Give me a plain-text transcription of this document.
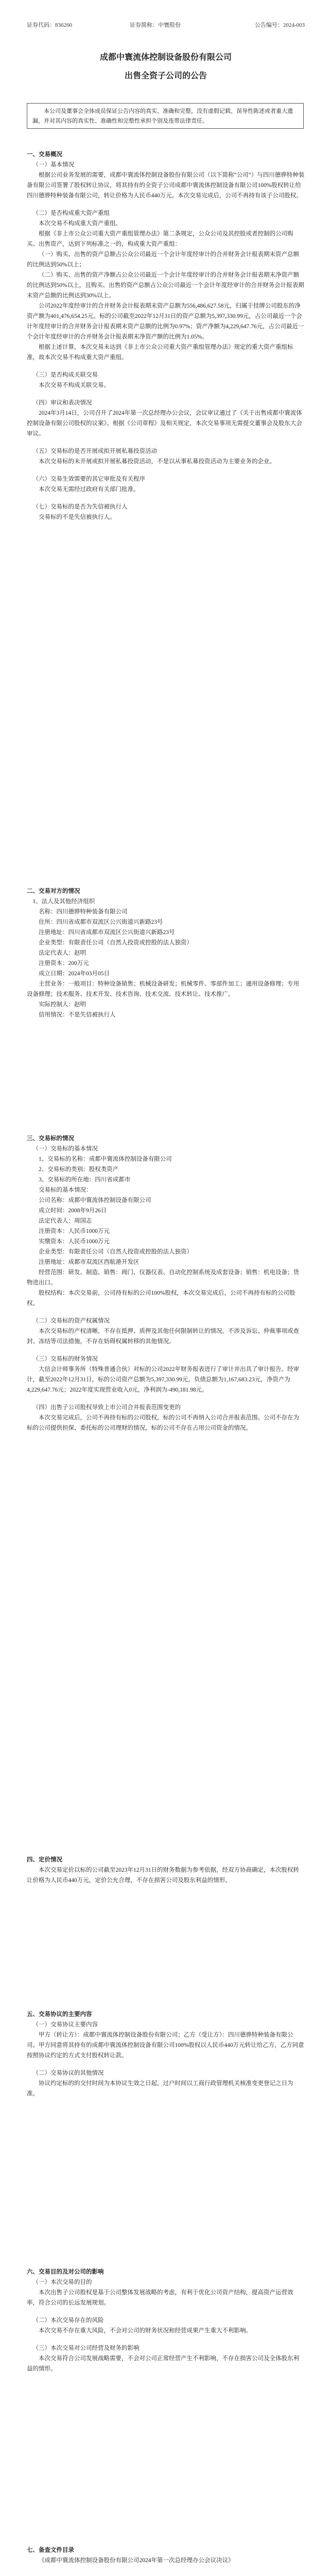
证券代码：836260	证券简称：中寰股份	公告编号：2024-003
成都中寰流体控制设备股份有限公司
出售全资子公司的公告
本公司及董事会全体成员保证公告内容的真实、准确和完整，没有虚假记载、误导性陈述或者重大遗漏，并对其内容的真实性、准确性和完整性承担个别及连带法律责任。

一、交易概况

（一）基本情况

根据公司业务发展的需要，成都中寰流体控制设备股份有限公司（以下简称“公司”）与四川德骅特种装备有限公司签署了股权转让协议，将其持有的全资子公司成都中寰流体控制设备有限公司100%股权转让给四川德骅特种装备有限公司，转让价格为人民币440万元。本次交易完成后，公司不再持有该子公司股权。

（二）是否构成重大资产重组

本次交易不构成重大资产重组。

根据《非上市公众公司重大资产重组管理办法》第二条规定，公众公司及其控股或者控制的公司购买、出售资产，达到下列标准之一的，构成重大资产重组：

（一）购买、出售的资产总额占公众公司最近一个会计年度经审计的合并财务会计报表期末资产总额的比例达到50%以上；

（二）购买、出售的资产净额占公众公司最近一个会计年度经审计的合并财务会计报表期末净资产额的比例达到50%以上，且购买、出售的资产总额占公众公司最近一个会计年度经审计的合并财务会计报表期末资产总额的比例达到30%以上。

公司2022年度经审计的合并财务会计报表期末资产总额为556,486,627.58元，归属于挂牌公司股东的净资产额为401,476,654.25元。标的公司截至2022年12月31日的资产总额为5,397,330.99元，占公司最近一个会计年度经审计的合并财务会计报表期末资产总额的比例为0.97%；资产净额为4,229,647.76元，占公司最近一个会计年度经审计的合并财务会计报表期末净资产额的比例为1.05%。

根据上述计算，本次交易未达到《非上市公众公司重大资产重组管理办法》规定的重大资产重组标准，故本次交易不构成重大资产重组。

（三）是否构成关联交易

本次交易不构成关联交易。

（四）审议和表决情况

2024年3月14日，公司召开了2024年第一次总经理办公会议，会议审议通过了《关于出售成都中寰流体控制设备有限公司股权的议案》。根据《公司章程》及相关规定，本次交易事项无需提交董事会及股东大会审议。

（五）交易标的是否开展或拟开展私募投资活动

本次交易标的未开展或拟开展私募投资活动，不是以从事私募投资活动为主要业务的企业。

（六）交易生效需要的其它审批及有关程序

本次交易无需经过政府有关部门批准。

（七）交易标的是否为失信被执行人

交易标的不是失信被执行人。

二、交易对方的情况

1、法人及其他经济组织

名称：四川德骅特种装备有限公司

住所：四川省成都市双流区公兴街道兴新路23号

注册地址：四川省成都市双流区公兴街道兴新路23号

企业类型：有限责任公司（自然人投资或控股的法人独资）

法定代表人：赵明

注册资本：200万元

成立日期：2024年03月05日

主营业务：一般项目：特种设备销售；机械设备研发；机械零件、零部件加工；通用设备修理；专用设备修理；技术服务、技术开发、技术咨询、技术交流、技术转让、技术推广。

实际控制人：赵明

信用情况：不是失信被执行人

三、交易标的情况

（一）交易标的基本情况

1、交易标的名称：成都中寰流体控制设备有限公司

2、交易标的类别：股权类资产

3、交易标的所在地：四川省成都市

交易标的基本情况：

公司名称：成都中寰流体控制设备有限公司

成立时间：2008年9月26日

法定代表人：周国志

注册资本：人民币1000万元

实缴资本：人民币1000万元

企业类型：有限责任公司（自然人投资或控股的法人独资）

注册地址：成都市双流区西航港开发区

经营范围：研发、制造、销售：阀门、仪器仪表、自动化控制系统及成套设备；销售：机电设备；货物进出口。

股权结构：本次交易前，公司持有标的公司100%股权，本次交易完成后，公司不再持有标的公司股权。

（二）交易标的资产权属情况

本次交易标的产权清晰，不存在抵押、质押及其他任何限制转让的情况，不涉及诉讼、仲裁事项或查封、冻结等司法措施，不存在妨碍权属转移的其他情况。

（三）交易标的财务情况

大信会计师事务所（特殊普通合伙）对标的公司2022年财务报表进行了审计并出具了审计报告。经审计，截至2022年12月31日，标的公司资产总额为5,397,330.99元，负债总额为1,167,683.23元，净资产为4,229,647.76元；2022年度实现营业收入0元，净利润为-490,181.98元。

（四）出售子公司股权导致上市公司合并报表范围变更的

本次交易完成后，公司不再持有标的公司股权，标的公司不再纳入公司合并报表范围。公司不存在为标的公司提供担保、委托标的公司理财的情况，标的公司不存在占用公司资金的情况。

四、定价情况

本次交易定价以标的公司截至2023年12月31日的财务数据为参考依据，经双方协商确定，本次股权转让价格为人民币440万元，定价公允合理，不存在损害公司及股东利益的情形。

五、交易协议的主要内容

（一）交易协议主要内容

甲方（转让方）：成都中寰流体控制设备股份有限公司；乙方（受让方）：四川德骅特种装备有限公司。甲方同意将其持有的成都中寰流体控制设备有限公司100%股权以人民币440万元转让给乙方，乙方同意按照协议约定的方式支付股权转让款。

（二）交易协议的其他情况

协议约定标的的交付时间为本协议生效之日起，过户时间以工商行政管理机关核准变更登记之日为准。

六、交易目的及对公司的影响

（一）本次交易的目的

本次出售子公司股权是基于公司整体发展战略的考虑，有利于优化公司资产结构，提高资产运营效率，符合公司的长远发展规划。

（二）本次交易存在的风险

本次交易不存在重大风险，不会对公司的财务状况和经营成果产生重大不利影响。

（三）本次交易对公司经营及财务的影响

本次交易符合公司发展战略需要，不会对公司正常经营产生不利影响，不存在损害公司及全体股东利益的情形。

七、备查文件目录

《成都中寰流体控制设备股份有限公司2024年第一次总经理办公会议决议》
